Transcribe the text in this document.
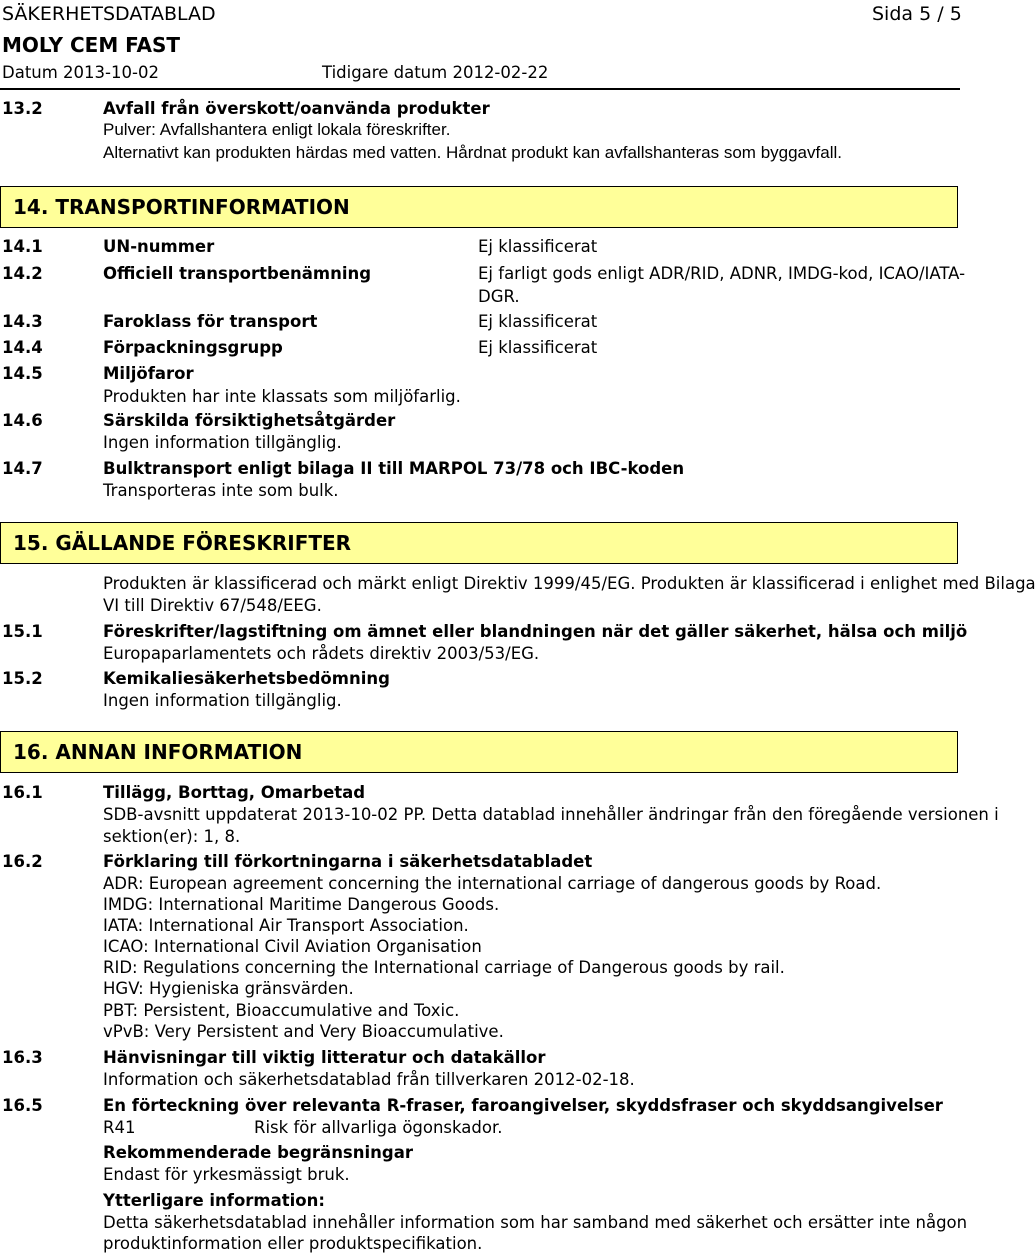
SÄKERHETSDATABLAD	Sida 5 / 5
MOLY CEM FAST
Datum 2013-10-02	Tidigare datum 2012-02-22
13.2	Avfall från överskott/oanvända produkter
Pulver: Avfallshantera enligt lokala föreskrifter.
Alternativt kan produkten härdas med vatten. Hårdnat produkt kan avfallshanteras som byggavfall.
14. TRANSPORTINFORMATION
14.1	UN-nummer	Ej klassificerat
14.2	Officiell transportbenämning	Ej farligt gods enligt ADR/RID, ADNR, IMDG-kod, ICAO/IATA-
DGR.
14.3	Faroklass för transport	Ej klassificerat
14.4	Förpackningsgrupp	Ej klassificerat
14.5	Miljöfaror
Produkten har inte klassats som miljöfarlig.
14.6	Särskilda försiktighetsåtgärder
Ingen information tillgänglig.
14.7	Bulktransport enligt bilaga II till MARPOL 73/78 och IBC-koden
Transporteras inte som bulk.
15. GÄLLANDE FÖRESKRIFTER
Produkten är klassificerad och märkt enligt Direktiv 1999/45/EG. Produkten är klassificerad i enlighet med Bilaga
VI till Direktiv 67/548/EEG.
15.1	Föreskrifter/lagstiftning om ämnet eller blandningen när det gäller säkerhet, hälsa och miljö
Europaparlamentets och rådets direktiv 2003/53/EG.
15.2	Kemikaliesäkerhetsbedömning
Ingen information tillgänglig.
16. ANNAN INFORMATION
16.1	Tillägg, Borttag, Omarbetad
SDB-avsnitt uppdaterat 2013-10-02 PP. Detta datablad innehåller ändringar från den föregående versionen i
sektion(er): 1, 8.
16.2	Förklaring till förkortningarna i säkerhetsdatabladet
ADR: European agreement concerning the international carriage of dangerous goods by Road.
IMDG: International Maritime Dangerous Goods.
IATA: International Air Transport Association.
ICAO: International Civil Aviation Organisation
RID: Regulations concerning the International carriage of Dangerous goods by rail.
HGV: Hygieniska gränsvärden.
PBT: Persistent, Bioaccumulative and Toxic.
vPvB: Very Persistent and Very Bioaccumulative.
16.3	Hänvisningar till viktig litteratur och datakällor
Information och säkerhetsdatablad från tillverkaren 2012-02-18.
16.5	En förteckning över relevanta R-fraser, faroangivelser, skyddsfraser och skyddsangivelser
R41	Risk för allvarliga ögonskador.
Rekommenderade begränsningar
Endast för yrkesmässigt bruk.
Ytterligare information:
Detta säkerhetsdatablad innehåller information som har samband med säkerhet och ersätter inte någon
produktinformation eller produktspecifikation.
